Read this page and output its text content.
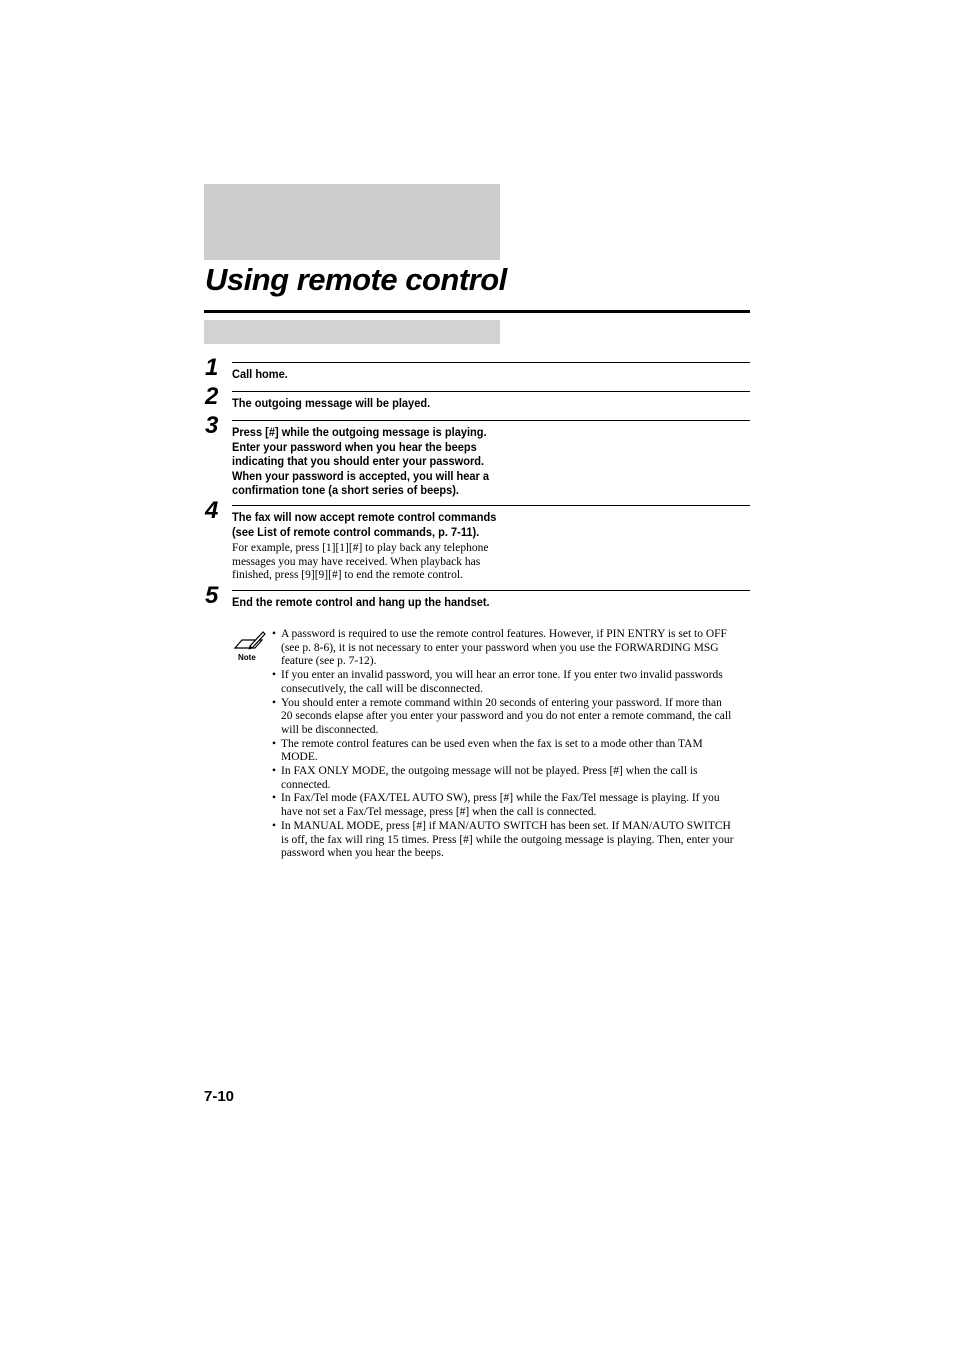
Using remote control
1 Call home.
2 The outgoing message will be played.
3 Press [#] while the outgoing message is playing.
Enter your password when you hear the beeps
indicating that you should enter your password.
When your password is accepted, you will hear a
confirmation tone (a short series of beeps).
4 The fax will now accept remote control commands
(see List of remote control commands, p. 7-11).
For example, press [1][1][#] to play back any telephone
messages you may have received. When playback has
finished, press [9][9][#] to end the remote control.
5 End the remote control and hang up the handset.
Note
• A password is required to use the remote control features. However, if PIN ENTRY is set to OFF
(see p. 8-6), it is not necessary to enter your password when you use the FORWARDING MSG
feature (see p. 7-12).
• If you enter an invalid password, you will hear an error tone. If you enter two invalid passwords
consecutively, the call will be disconnected.
• You should enter a remote command within 20 seconds of entering your password. If more than
20 seconds elapse after you enter your password and you do not enter a remote command, the call
will be disconnected.
• The remote control features can be used even when the fax is set to a mode other than TAM
MODE.
• In FAX ONLY MODE, the outgoing message will not be played. Press [#] when the call is
connected.
• In Fax/Tel mode (FAX/TEL AUTO SW), press [#] while the Fax/Tel message is playing. If you
have not set a Fax/Tel message, press [#] when the call is connected.
• In MANUAL MODE, press [#] if MAN/AUTO SWITCH has been set. If MAN/AUTO SWITCH
is off, the fax will ring 15 times. Press [#] while the outgoing message is playing. Then, enter your
password when you hear the beeps.
7-10
